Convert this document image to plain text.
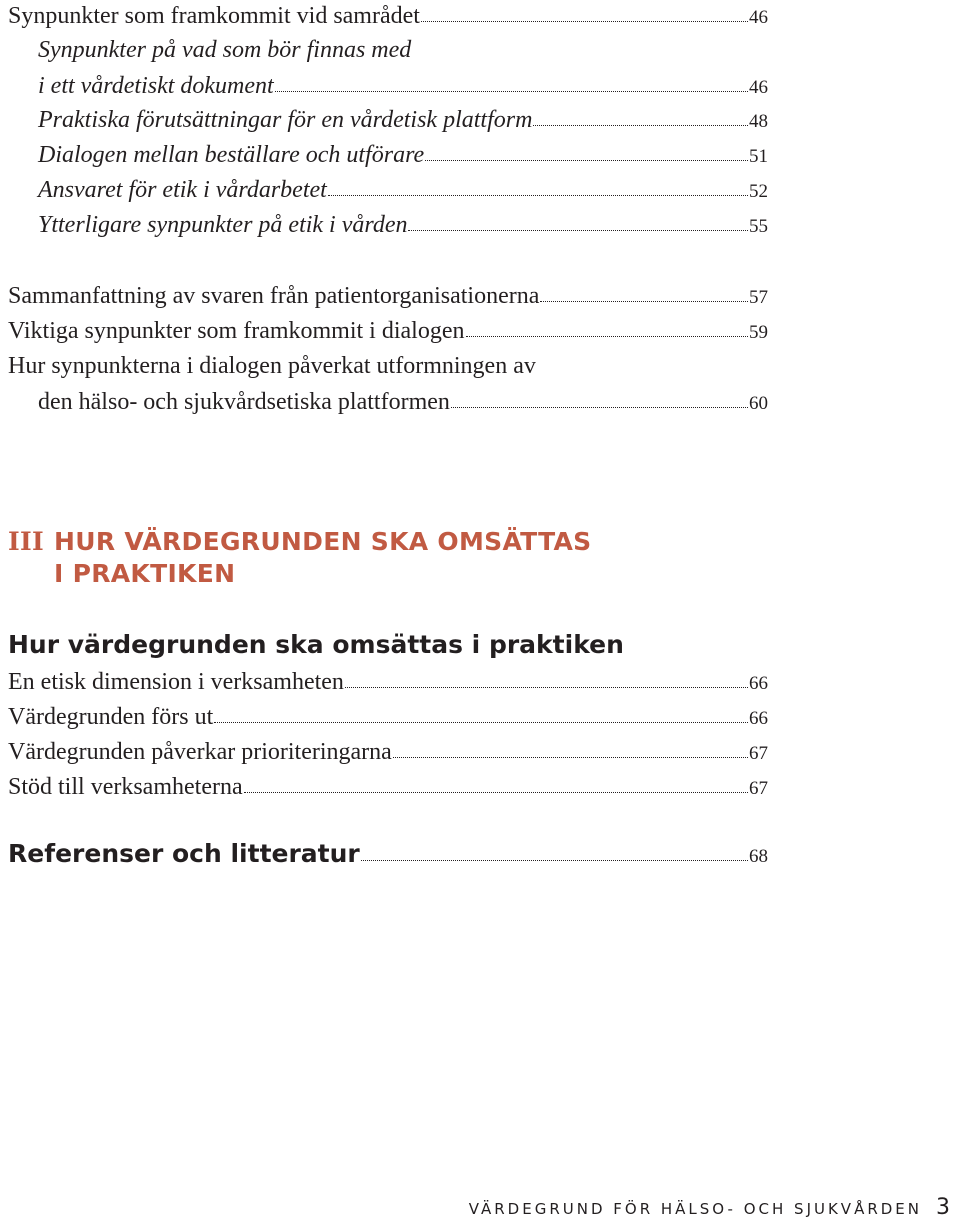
Synpunkter som framkommit vid samrådet	46
Synpunkter på vad som bör finnas med
i ett vårdetiskt dokument	46
Praktiska förutsättningar för en vårdetisk plattform	48
Dialogen mellan beställare och utförare	51
Ansvaret för etik i vårdarbetet	52
Ytterligare synpunkter på etik i vården	55
Sammanfattning av svaren från patientorganisationerna	57
Viktiga synpunkter som framkommit i dialogen	59
Hur synpunkterna i dialogen påverkat utformningen av
den hälso- och sjukvårdsetiska plattformen	60
III HUR VÄRDEGRUNDEN SKA OMSÄTTAS
I PRAKTIKEN
Hur värdegrunden ska omsättas i praktiken
En etisk dimension i verksamheten	66
Värdegrunden förs ut	66
Värdegrunden påverkar prioriteringarna	67
Stöd till verksamheterna	67
Referenser och litteratur	68
VÄRDEGRUND FÖR HÄLSO- OCH SJUKVÅRDEN 3
